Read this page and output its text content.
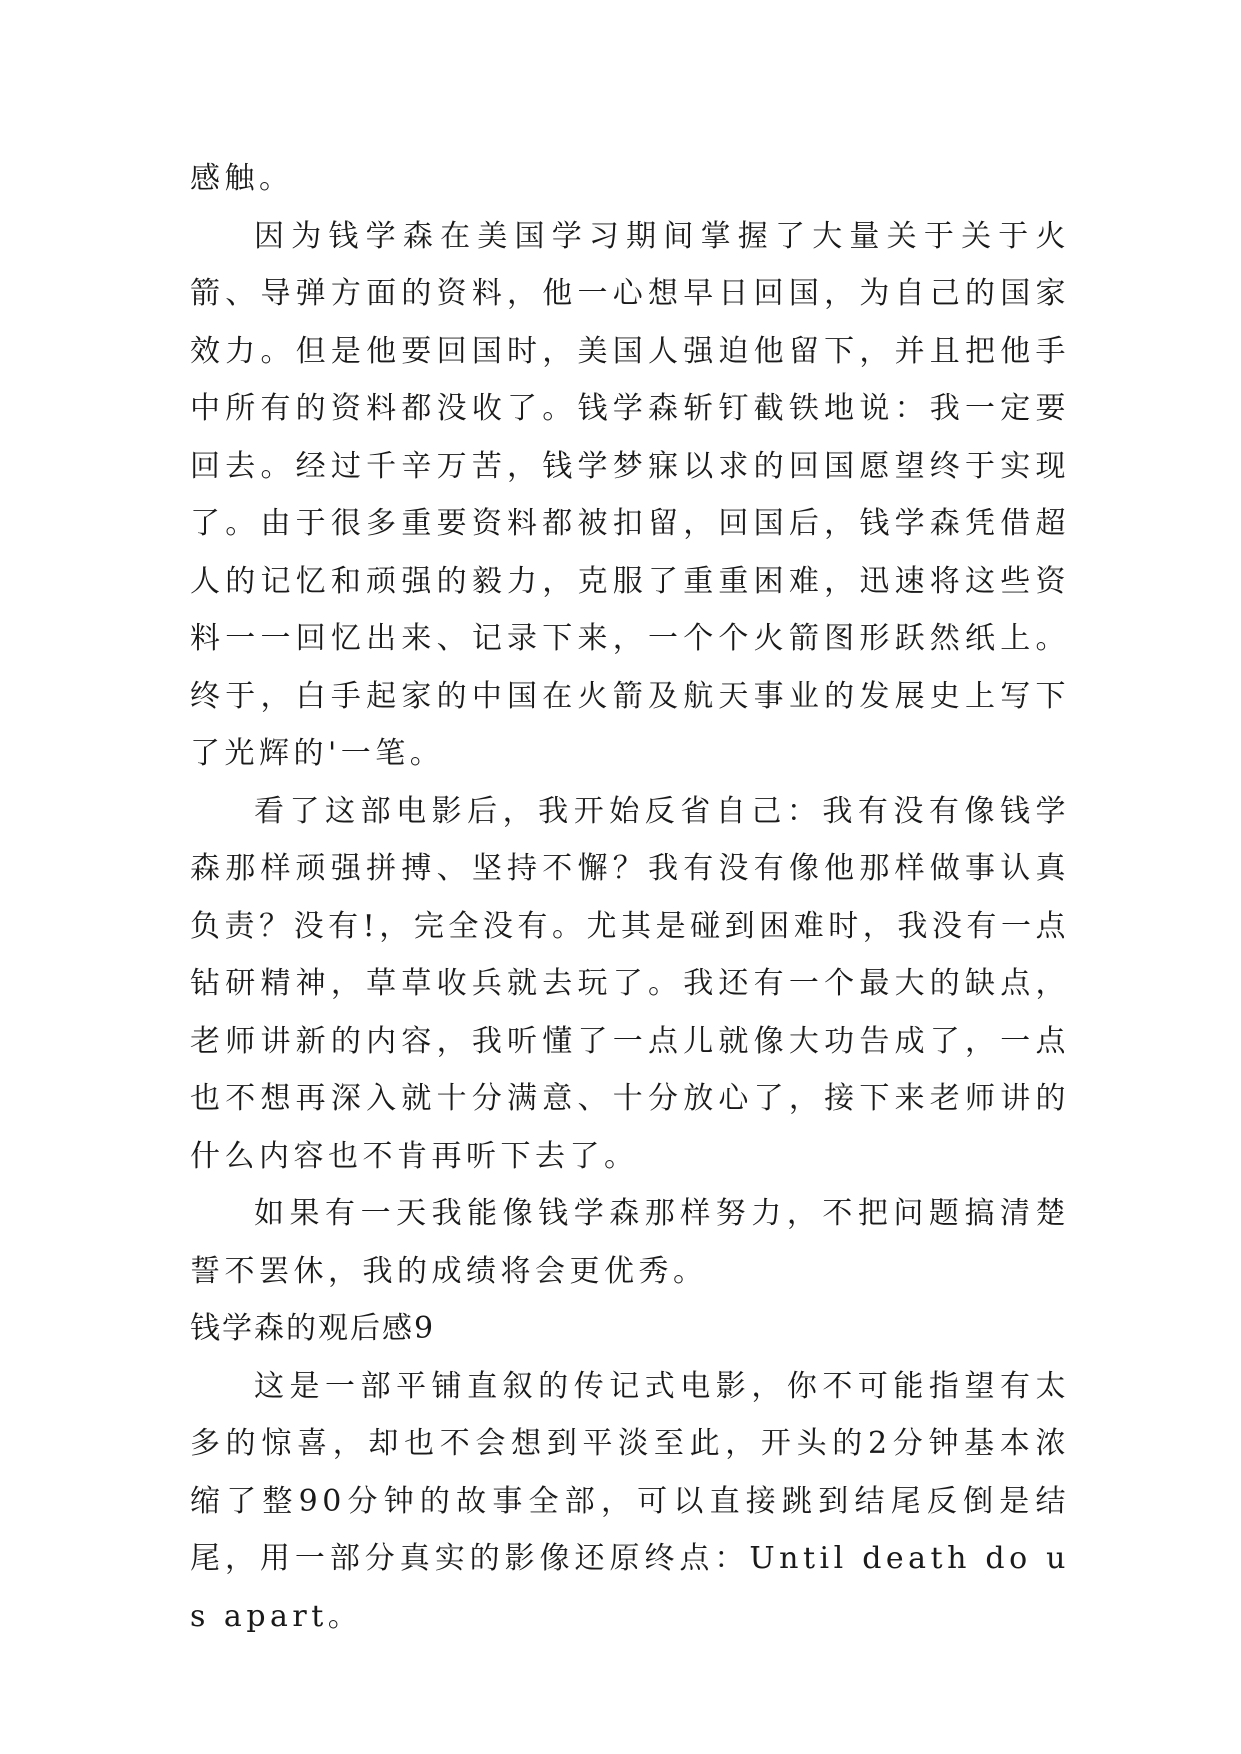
感触。

因为钱学森在美国学习期间掌握了大量关于关于火箭、导弹方面的资料，他一心想早日回国，为自己的国家效力。但是他要回国时，美国人强迫他留下，并且把他手中所有的资料都没收了。钱学森斩钉截铁地说：我一定要回去。经过千辛万苦，钱学梦寐以求的回国愿望终于实现了。由于很多重要资料都被扣留，回国后，钱学森凭借超人的记忆和顽强的毅力，克服了重重困难，迅速将这些资料一一回忆出来、记录下来，一个个火箭图形跃然纸上。终于，白手起家的中国在火箭及航天事业的发展史上写下了光辉的'一笔。

看了这部电影后，我开始反省自己：我有没有像钱学森那样顽强拼搏、坚持不懈？我有没有像他那样做事认真负责？没有!，完全没有。尤其是碰到困难时，我没有一点钻研精神，草草收兵就去玩了。我还有一个最大的缺点，老师讲新的内容，我听懂了一点儿就像大功告成了，一点也不想再深入就十分满意、十分放心了，接下来老师讲的什么内容也不肯再听下去了。

如果有一天我能像钱学森那样努力，不把问题搞清楚誓不罢休，我的成绩将会更优秀。

钱学森的观后感9

这是一部平铺直叙的传记式电影，你不可能指望有太多的惊喜，却也不会想到平淡至此，开头的2分钟基本浓缩了整90分钟的故事全部，可以直接跳到结尾反倒是结尾，用一部分真实的影像还原终点：Until death do us apart。
